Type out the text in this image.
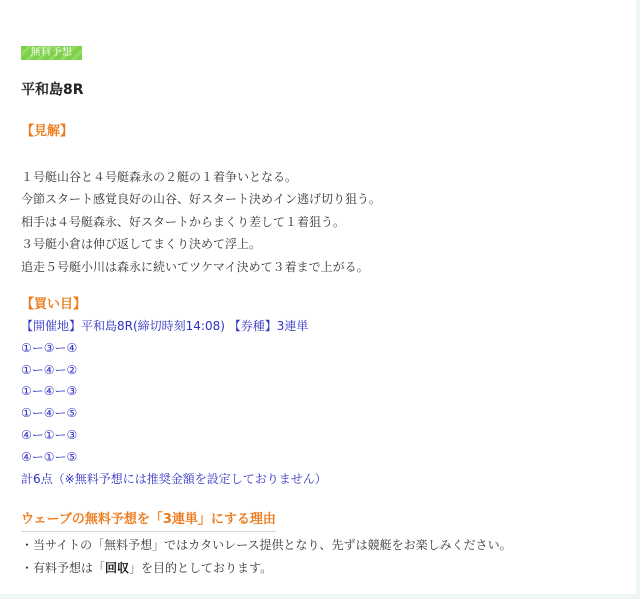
無料予想
平和島8R
【見解】
１号艇山谷と４号艇森永の２艇の１着争いとなる。
今節スタート感覚良好の山谷、好スタート決めイン逃げ切り狙う。
相手は４号艇森永、好スタートからまくり差して１着狙う。
３号艇小倉は伸び返してまくり決めて浮上。
追走５号艇小川は森永に続いてツケマイ決めて３着まで上がる。
【買い目】
【開催地】平和島8R(締切時刻14:08) 【券種】3連単
①ー③ー④
①ー④ー②
①ー④ー③
①ー④ー⑤
④ー①ー③
④ー①ー⑤
計6点（※無料予想には推奨金額を設定しておりません）
ウェーブの無料予想を「3連単」にする理由
・当サイトの「無料予想」ではカタいレース提供となり、先ずは競艇をお楽しみください。
・有料予想は「回収」を目的としております。
